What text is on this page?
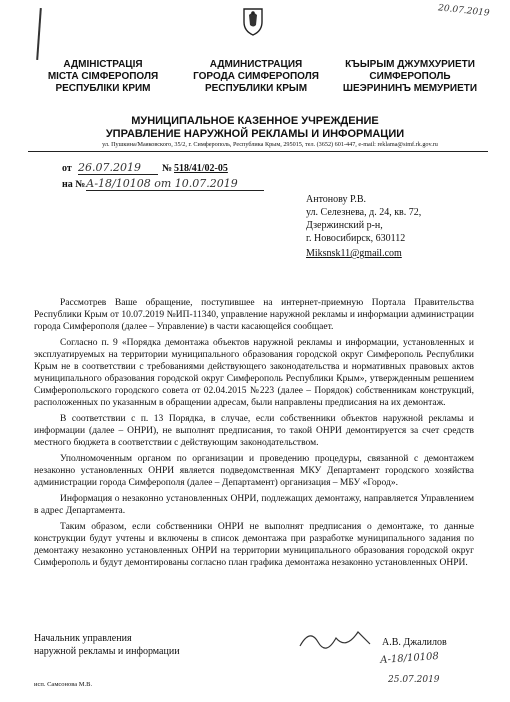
20.07.2019
АДМІНІСТРАЦІЯ
МІСТА СІМФЕРОПОЛЯ
РЕСПУБЛІКИ КРИМ
АДМИНИСТРАЦИЯ
ГОРОДА СИМФЕРОПОЛЯ
РЕСПУБЛИКИ КРЫМ
КЪЫРЫМ ДЖУМХУРИЕТИ
СИМФЕРОПОЛЬ
ШЕЭРИНИНЪ МЕМУРИЕТИ
МУНИЦИПАЛЬНОЕ КАЗЕННОЕ УЧРЕЖДЕНИЕ
УПРАВЛЕНИЕ НАРУЖНОЙ РЕКЛАМЫ И ИНФОРМАЦИИ
ул. Пушкина/Маяковского, 35/2, г. Симферополь, Республика Крым, 295015, тел. (3652) 601-447, e-mail: reklama@simf.rk.gov.ru
от 26.07.2019	№ 518/41/02-05
на № А-18/10108 от 10.07.2019
Антонову Р.В.
ул. Селезнева, д. 24, кв. 72,
Дзержинский р-н,
г. Новосибирск, 630112
Miksnsk11@gmail.com

Рассмотрев Ваше обращение, поступившее на интернет-приемную Портала Правительства Республики Крым от 10.07.2019 №ИП-11340, управление наружной рекламы и информации администрации города Симферополя (далее – Управление) в части касающейся сообщает.

Согласно п. 9 «Порядка демонтажа объектов наружной рекламы и информации, установленных и эксплуатируемых на территории муниципального образования городской округ Симферополь Республики Крым не в соответствии с требованиями действующего законодательства и нормативных правовых актов муниципального образования городской округ Симферополь Республики Крым», утвержденным решением Симферопольского городского совета от 02.04.2015 №223 (далее – Порядок) собственникам конструкций, расположенных по указанным в обращении адресам, были направлены предписания на их демонтаж.

В соответствии с п. 13 Порядка, в случае, если собственники объектов наружной рекламы и информации (далее – ОНРИ), не выполнят предписания, то такой ОНРИ демонтируется за счет средств местного бюджета в соответствии с действующим законодательством.

Уполномоченным органом по организации и проведению процедуры, связанной с демонтажем незаконно установленных ОНРИ является подведомственная МКУ Департамент городского хозяйства администрации города Симферополя (далее – Департамент) организация – МБУ «Город».

Информация о незаконно установленных ОНРИ, подлежащих демонтажу, направляется Управлением в адрес Департамента.

Таким образом, если собственники ОНРИ не выполнят предписания о демонтаже, то данные конструкции будут учтены и включены в список демонтажа при разработке муниципального задания по демонтажу незаконно установленных ОНРИ на территории муниципального образования городской округ Симферополь и будут демонтированы согласно план графика демонтажа незаконно установленных ОНРИ.

Начальник управления
наружной рекламы и информации
А.В. Джалилов
А-18/10108
25.07.2019
исп. Самсонова М.В.
